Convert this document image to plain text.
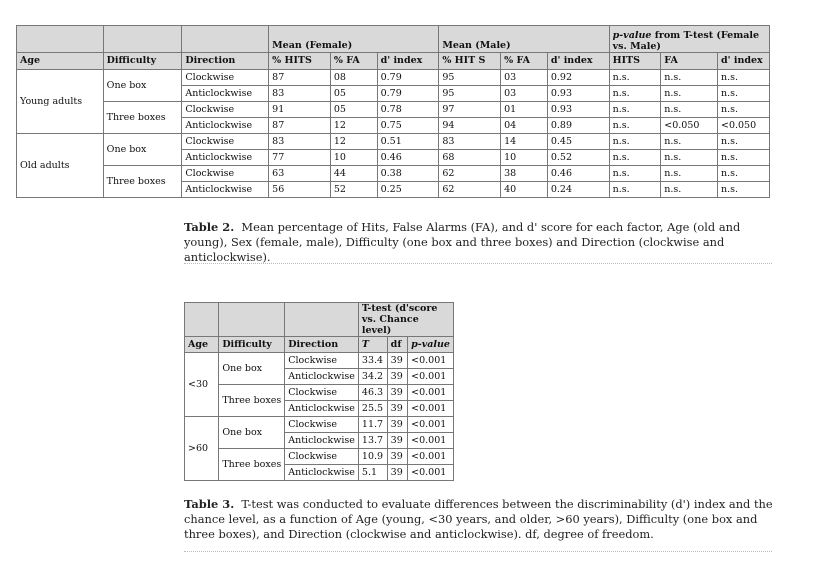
			Mean (Female)			Mean (Male)			p-value from T-test (Female vs. Male)		
Age	Difficulty	Direction	% HITS	% FA	d' index	% HIT S	% FA	d' index	HITS	FA	d' index
Young adults	One box	Clockwise	87	08	0.79	95	03	0.92	n.s.	n.s.	n.s.
		Anticlockwise	83	05	0.79	95	03	0.93	n.s.	n.s.	n.s.
	Three boxes	Clockwise	91	05	0.78	97	01	0.93	n.s.	n.s.	n.s.
		Anticlockwise	87	12	0.75	94	04	0.89	n.s.	<0.050	<0.050
Old adults	One box	Clockwise	83	12	0.51	83	14	0.45	n.s.	n.s.	n.s.
		Anticlockwise	77	10	0.46	68	10	0.52	n.s.	n.s.	n.s.
	Three boxes	Clockwise	63	44	0.38	62	38	0.46	n.s.	n.s.	n.s.
		Anticlockwise	56	52	0.25	62	40	0.24	n.s.	n.s.	n.s.
Table 2. Mean percentage of Hits, False Alarms (FA), and d' score for each factor, Age (old and young), Sex (female, male), Difficulty (one box and three boxes) and Direction (clockwise and anticlockwise).
			T-test (d'score vs. Chance level)		
Age	Difficulty	Direction	T	df	p-value
<30	One box	Clockwise	33.4	39	<0.001
		Anticlockwise	34.2	39	<0.001
	Three boxes	Clockwise	46.3	39	<0.001
		Anticlockwise	25.5	39	<0.001
>60	One box	Clockwise	11.7	39	<0.001
		Anticlockwise	13.7	39	<0.001
	Three boxes	Clockwise	10.9	39	<0.001
		Anticlockwise	5.1	39	<0.001
Table 3. T-test was conducted to evaluate differences between the discriminability (d') index and the chance level, as a function of Age (young, <30 years, and older, >60 years), Difficulty (one box and three boxes), and Direction (clockwise and anticlockwise). df, degree of freedom.
